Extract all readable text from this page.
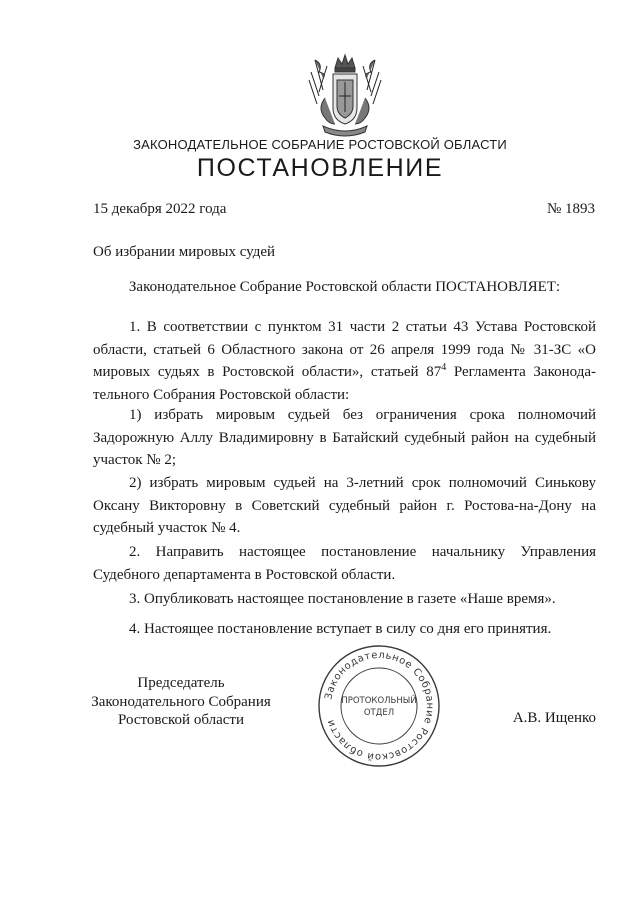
ЗАКОНОДАТЕЛЬНОЕ СОБРАНИЕ РОСТОВСКОЙ ОБЛАСТИ
ПОСТАНОВЛЕНИЕ
15 декабря 2022 года	№ 1893
Об избрании мировых судей
Законодательное Собрание Ростовской области ПОСТАНОВЛЯЕТ:
1. В соответствии с пунктом 31 части 2 статьи 43 Устава Ростовской области, статьей 6 Областного закона от 26 апреля 1999 года № 31-ЗС «О мировых судьях в Ростовской области», статьей $87^4$ Регламента Законода-тельного Собрания Ростовской области:
1) избрать мировым судьей без ограничения срока полномочий Задорожную Аллу Владимировну в Батайский судебный район на судебный участок № 2;
2) избрать мировым судьей на 3-летний срок полномочий Синькову Оксану Викторовну в Советский судебный район г. Ростова-на-Дону на судебный участок № 4.
2. Направить настоящее постановление начальнику Управления Судебного департамента в Ростовской области.
3. Опубликовать настоящее постановление в газете «Наше время».
4. Настоящее постановление вступает в силу со дня его принятия.
Председатель
Законодательного Собрания
Ростовской области
Законодательное Собрание Ростовской области
ПРОТОКОЛЬНЫЙ
ОТДЕЛ	А.В. Ищенко
